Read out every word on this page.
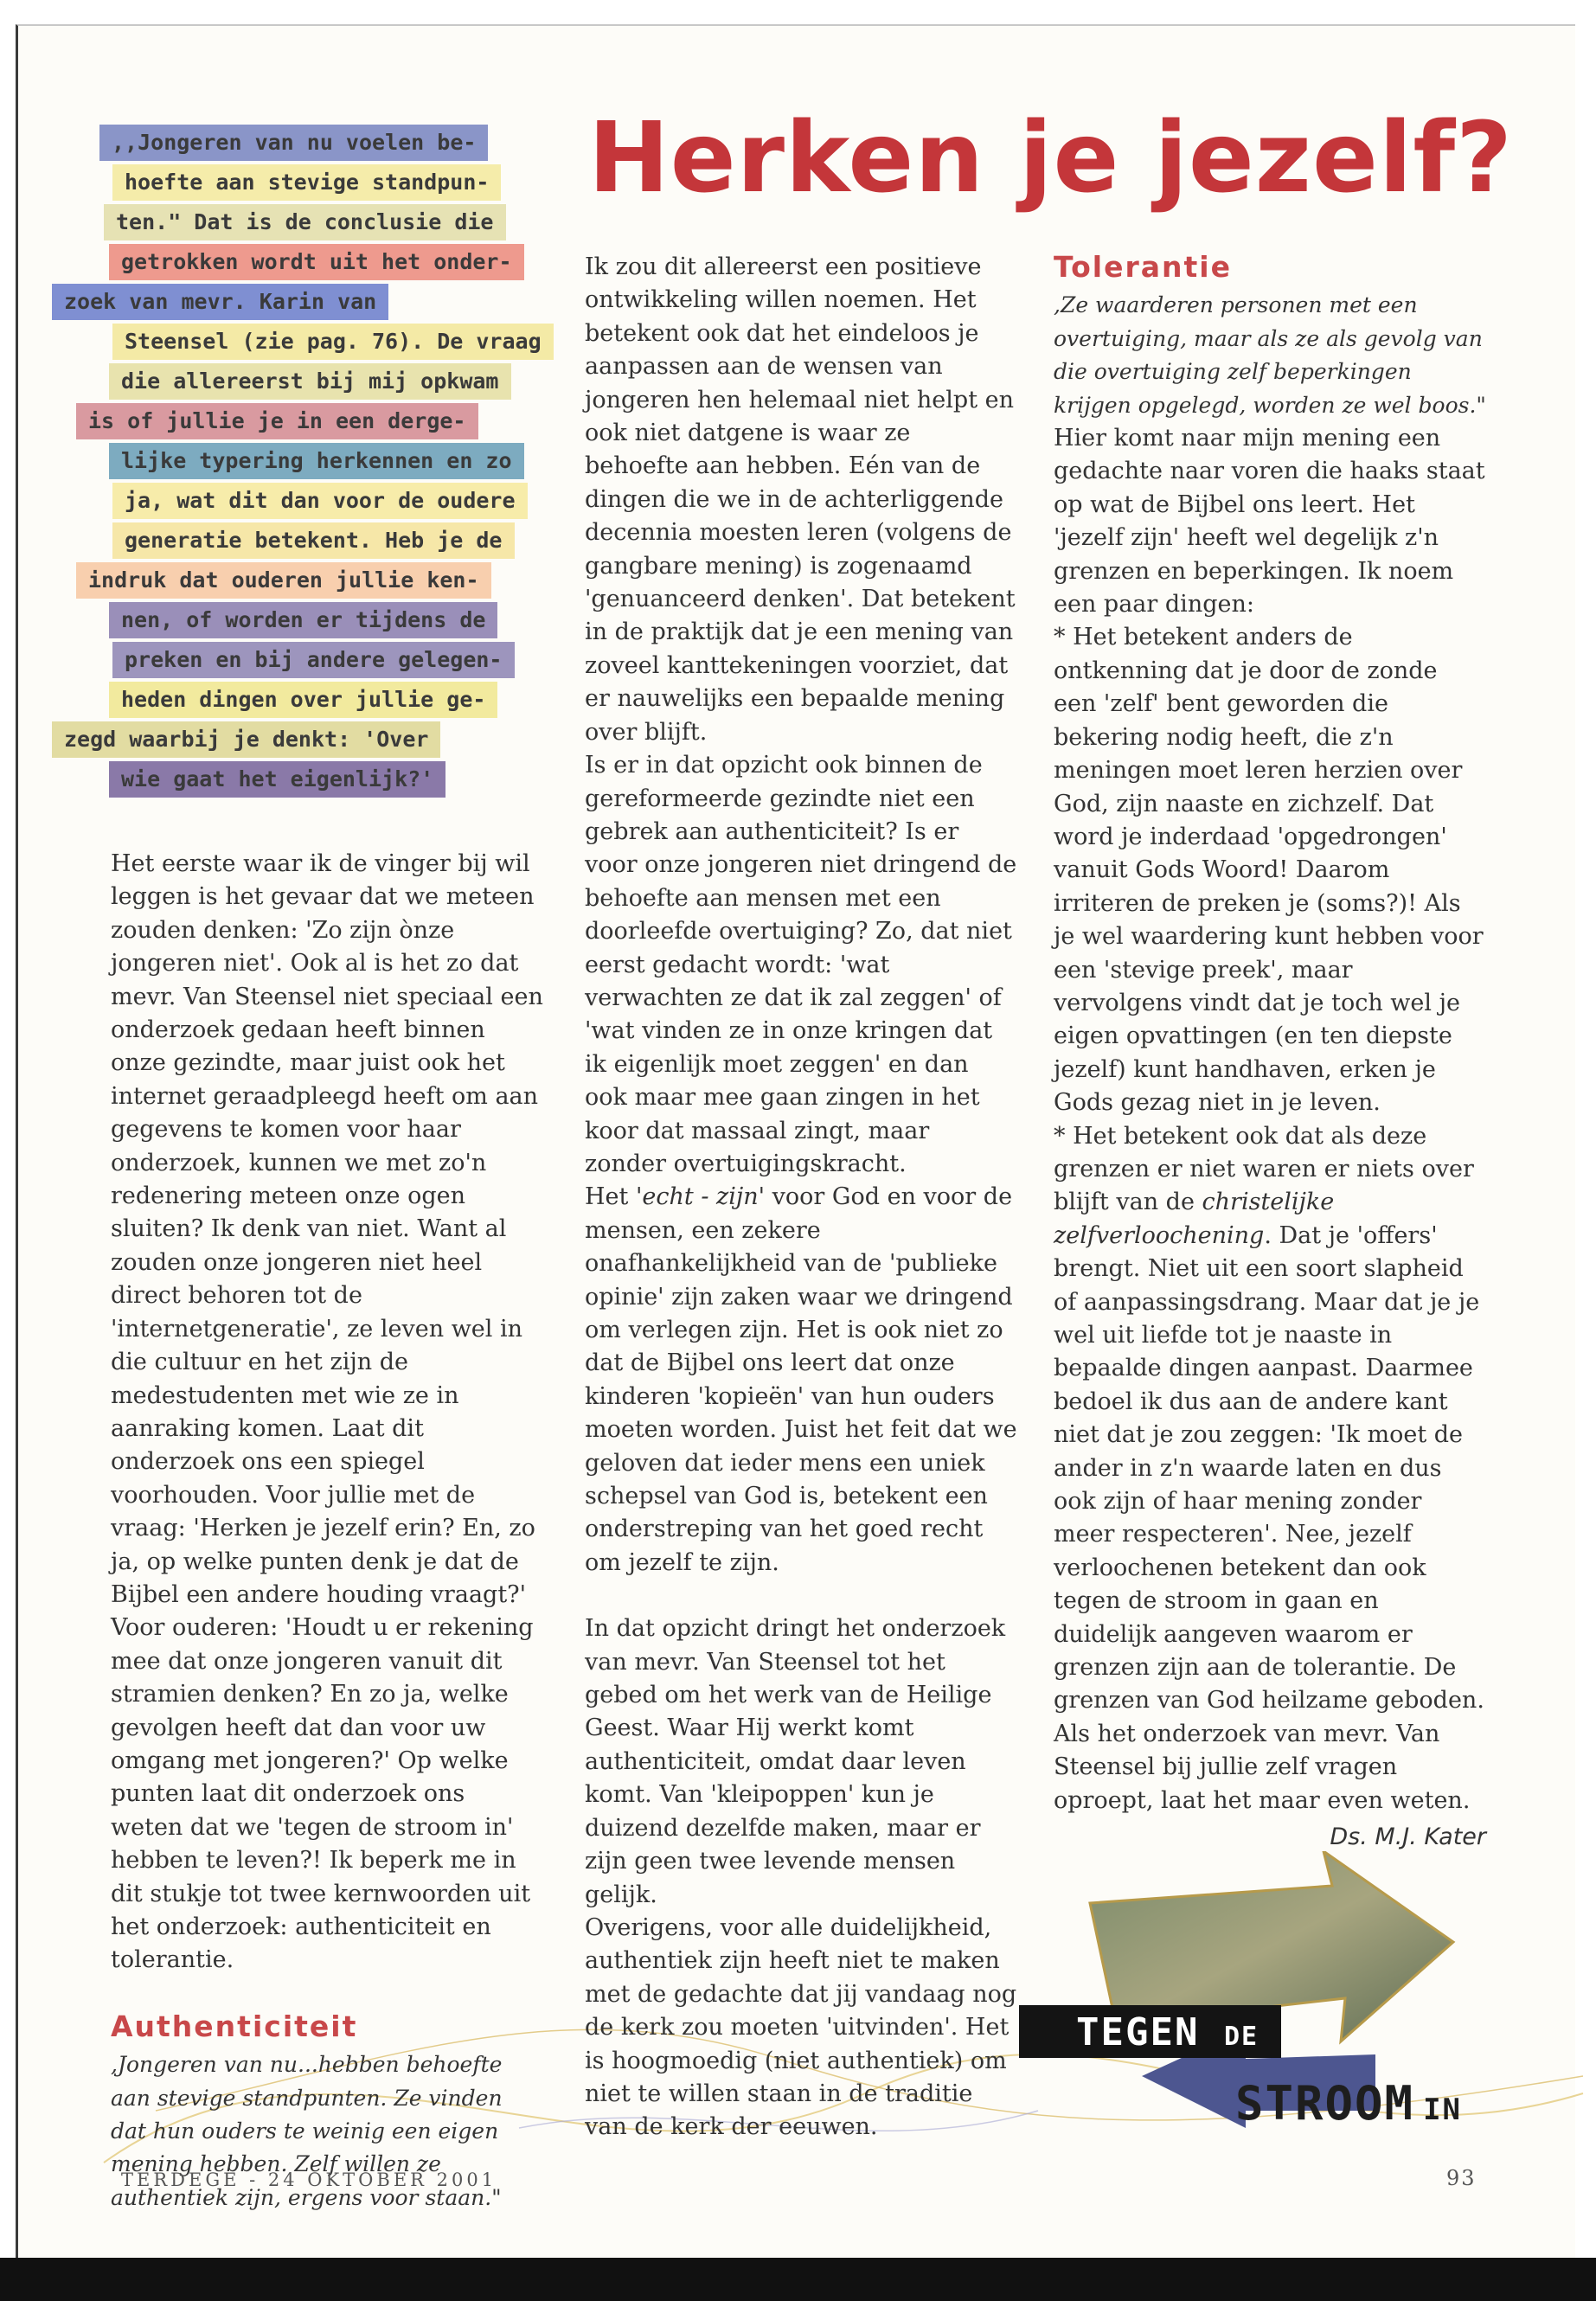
Herken je jezelf?
,,Jongeren van nu voelen be-
hoefte aan stevige standpun-
ten." Dat is de conclusie die
getrokken wordt uit het onder-
zoek van mevr. Karin van
Steensel (zie pag. 76). De vraag
die allereerst bij mij opkwam
is of jullie je in een derge-
lijke typering herkennen en zo
ja, wat dit dan voor de oudere
generatie betekent. Heb je de
indruk dat ouderen jullie ken-
nen, of worden er tijdens de
preken en bij andere gelegen-
heden dingen over jullie ge-
zegd waarbij je denkt: 'Over
wie gaat het eigenlijk?'

Het eerste waar ik de vinger bij wil leggen is het gevaar dat we meteen zouden denken: 'Zo zijn ònze jongeren niet'. Ook al is het zo dat mevr. Van Steensel niet speciaal een onderzoek gedaan heeft binnen onze gezindte, maar juist ook het internet geraadpleegd heeft om aan gegevens te komen voor haar onderzoek, kunnen we met zo'n redenering meteen onze ogen sluiten? Ik denk van niet. Want al zouden onze jongeren niet heel direct behoren tot de 'internetgeneratie', ze leven wel in die cultuur en het zijn de medestudenten met wie ze in aanraking komen. Laat dit onderzoek ons een spiegel voorhouden. Voor jullie met de vraag: 'Herken je jezelf erin? En, zo ja, op welke punten denk je dat de Bijbel een andere houding vraagt?' Voor ouderen: 'Houdt u er rekening mee dat onze jongeren vanuit dit stramien denken? En zo ja, welke gevolgen heeft dat dan voor uw omgang met jongeren?' Op welke punten laat dit onderzoek ons weten dat we 'tegen de stroom in' hebben te leven?! Ik beperk me in dit stukje tot twee kernwoorden uit het onderzoek: authenticiteit en tolerantie.

Authenticiteit

,Jongeren van nu...hebben behoefte aan stevige standpunten. Ze vinden dat hun ouders te weinig een eigen mening hebben. Zelf willen ze authentiek zijn, ergens voor staan."

Ik zou dit allereerst een positieve ontwikkeling willen noemen. Het betekent ook dat het eindeloos je aanpassen aan de wensen van jongeren hen helemaal niet helpt en ook niet datgene is waar ze behoefte aan hebben. Eén van de dingen die we in de achterliggende decennia moesten leren (volgens de gangbare mening) is zogenaamd 'genuanceerd denken'. Dat betekent in de praktijk dat je een mening van zoveel kanttekeningen voorziet, dat er nauwelijks een bepaalde mening over blijft.

Is er in dat opzicht ook binnen de gereformeerde gezindte niet een gebrek aan authenticiteit? Is er voor onze jongeren niet dringend de behoefte aan mensen met een doorleefde overtuiging? Zo, dat niet eerst gedacht wordt: 'wat verwachten ze dat ik zal zeggen' of 'wat vinden ze in onze kringen dat ik eigenlijk moet zeggen' en dan ook maar mee gaan zingen in het koor dat massaal zingt, maar zonder overtuigingskracht.

Het 'echt - zijn' voor God en voor de mensen, een zekere onafhankelijkheid van de 'publieke opinie' zijn zaken waar we dringend om verlegen zijn. Het is ook niet zo dat de Bijbel ons leert dat onze kinderen 'kopieën' van hun ouders moeten worden. Juist het feit dat we geloven dat ieder mens een uniek schepsel van God is, betekent een onderstreping van het goed recht om jezelf te zijn.

In dat opzicht dringt het onderzoek van mevr. Van Steensel tot het gebed om het werk van de Heilige Geest. Waar Hij werkt komt authenticiteit, omdat daar leven komt. Van 'kleipoppen' kun je duizend dezelfde maken, maar er zijn geen twee levende mensen gelijk.

Overigens, voor alle duidelijkheid, authentiek zijn heeft niet te maken met de gedachte dat jij vandaag nog de kerk zou moeten 'uitvinden'. Het is hoogmoedig (niet authentiek) om niet te willen staan in de traditie van de kerk der eeuwen.

Tolerantie

,Ze waarderen personen met een overtuiging, maar als ze als gevolg van die overtuiging zelf beperkingen krijgen opgelegd, worden ze wel boos."

Hier komt naar mijn mening een gedachte naar voren die haaks staat op wat de Bijbel ons leert. Het 'jezelf zijn' heeft wel degelijk z'n grenzen en beperkingen. Ik noem een paar dingen:

* Het betekent anders de ontkenning dat je door de zonde een 'zelf' bent geworden die bekering nodig heeft, die z'n meningen moet leren herzien over God, zijn naaste en zichzelf. Dat word je inderdaad 'opgedrongen' vanuit Gods Woord! Daarom irriteren de preken je (soms?)! Als je wel waardering kunt hebben voor een 'stevige preek', maar vervolgens vindt dat je toch wel je eigen opvattingen (en ten diepste jezelf) kunt handhaven, erken je Gods gezag niet in je leven.

* Het betekent ook dat als deze grenzen er niet waren er niets over blijft van de christelijke zelfverloochening. Dat je 'offers' brengt. Niet uit een soort slapheid of aanpassingsdrang. Maar dat je je wel uit liefde tot je naaste in bepaalde dingen aanpast. Daarmee bedoel ik dus aan de andere kant niet dat je zou zeggen: 'Ik moet de ander in z'n waarde laten en dus ook zijn of haar mening zonder meer respecteren'. Nee, jezelf verloochenen betekent dan ook tegen de stroom in gaan en duidelijk aangeven waarom er grenzen zijn aan de tolerantie. De grenzen van God heilzame geboden.

Als het onderzoek van mevr. Van Steensel bij jullie zelf vragen oproept, laat het maar even weten.

Ds. M.J. Kater
TEGEN DE
STROOM IN
TERDEGE - 24 OKTOBER 2001	93
